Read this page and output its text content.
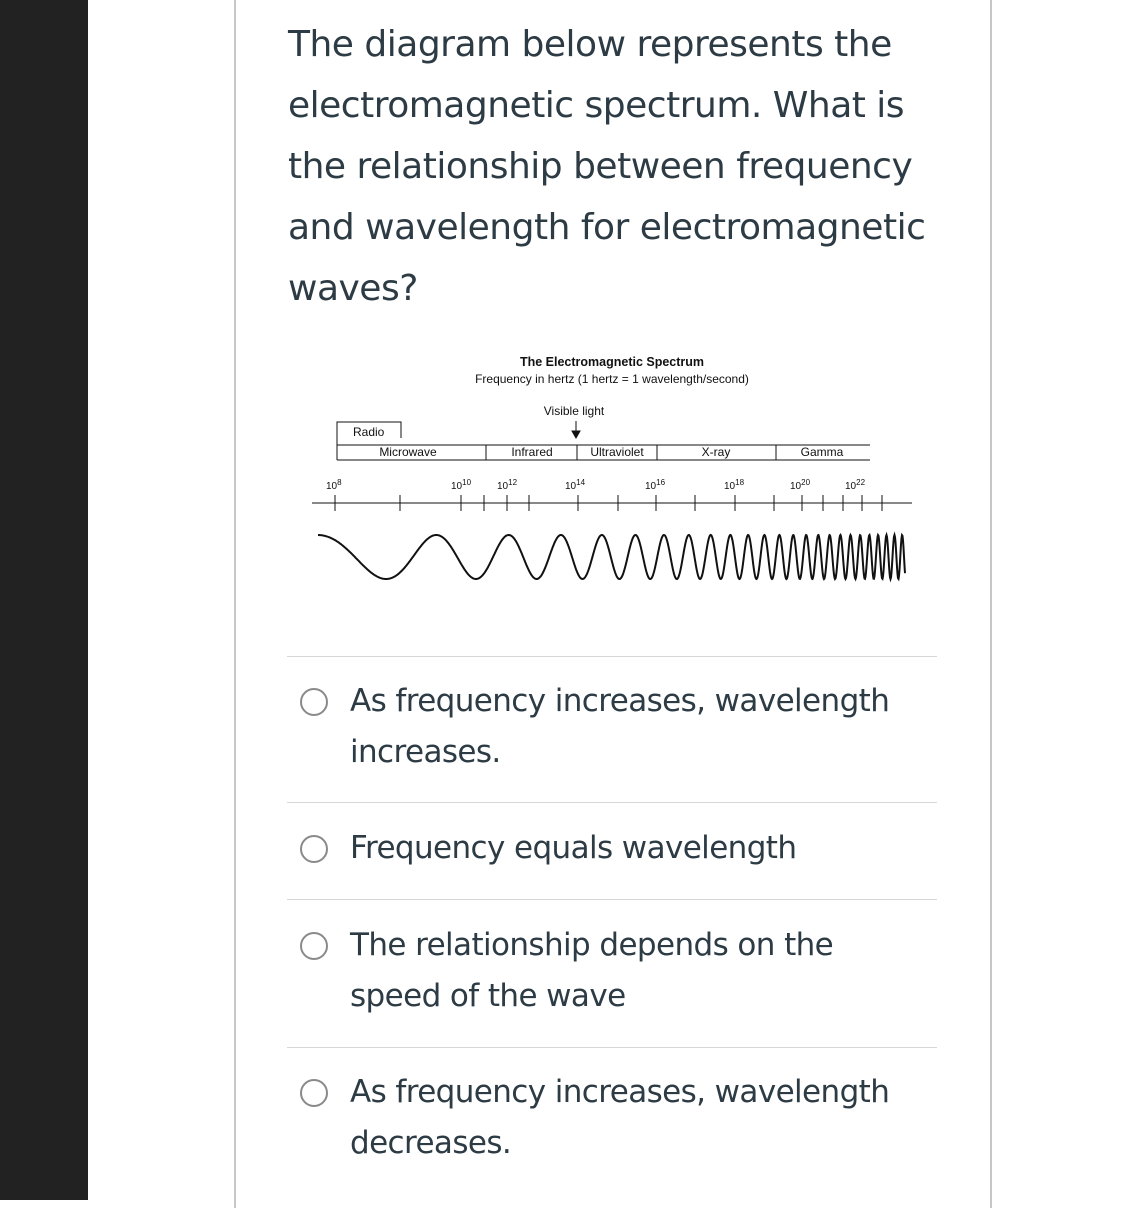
The diagram below represents the electromagnetic spectrum. What is the relationship between frequency and wavelength for electromagnetic waves?

The Electromagnetic Spectrum
Frequency in hertz (1 hertz = 1 wavelength/second)
Visible light
Radio
Microwave	Infrared	Ultraviolet	X-ray	Gamma
$10^8$	$10^{10}$	$10^{12}$	$10^{14}$	$10^{16}$	$10^{18}$	$10^{20}$	$10^{22}$
As frequency increases, wavelength increases.
Frequency equals wavelength
The relationship depends on the speed of the wave
As frequency increases, wavelength decreases.
